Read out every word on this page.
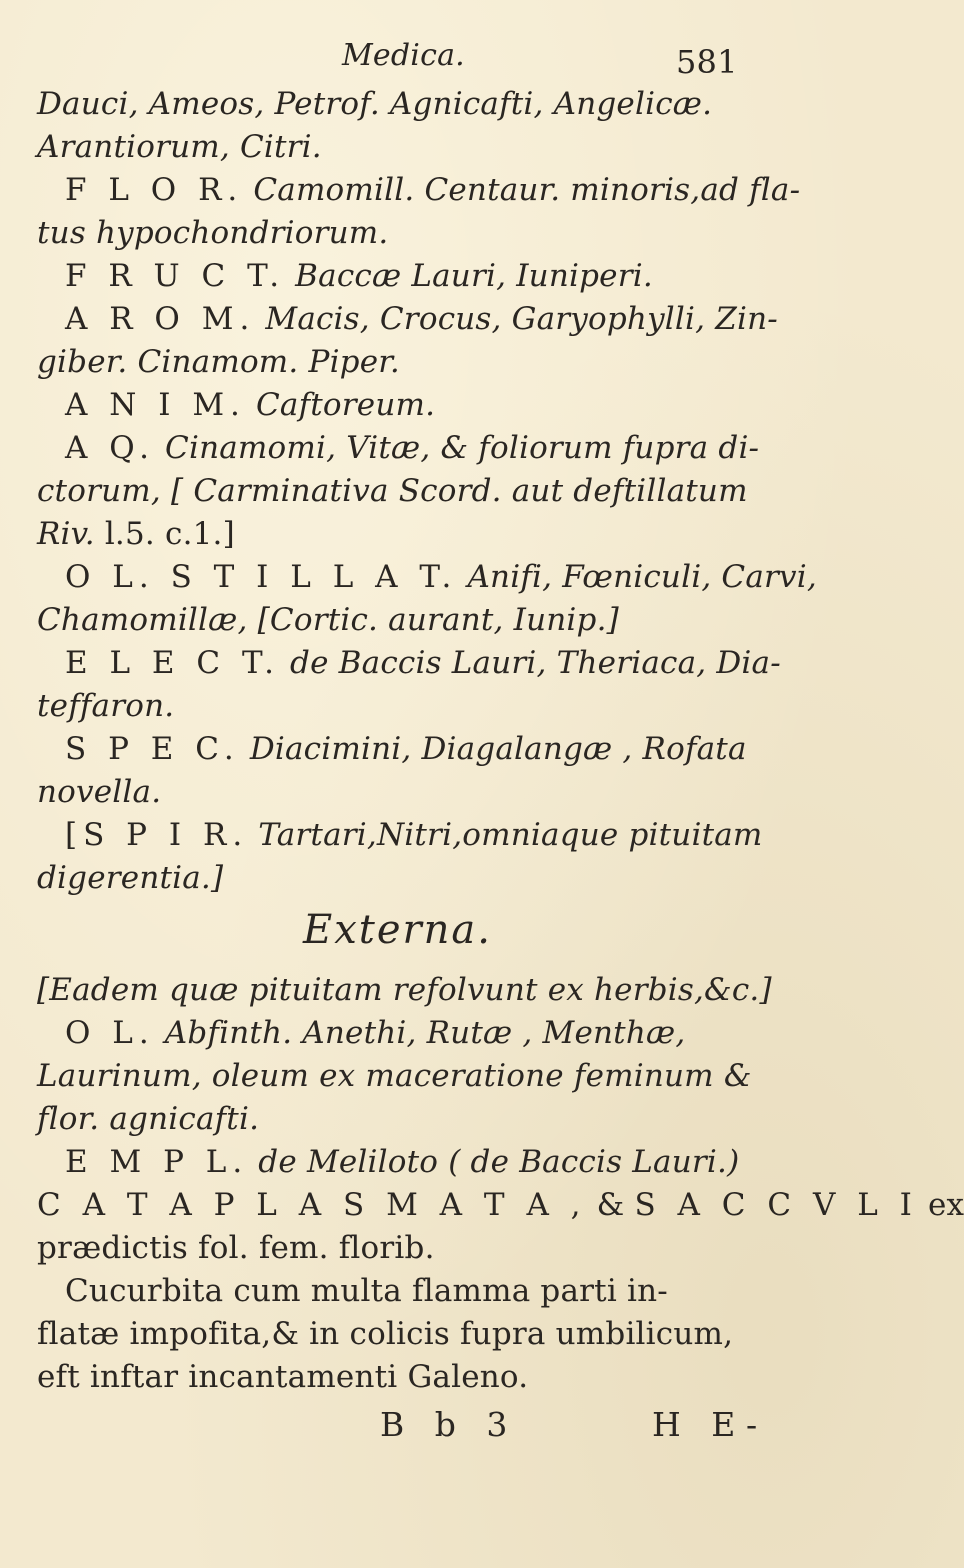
Medica.	581
Dauci, Ameos, Petrof. Agnicafti, Angelicæ.
Arantiorum, Citri.
F L O R. Camomill. Centaur. minoris,ad fla-
tus hypochondriorum.
F R U C T. Baccæ Lauri, Iuniperi.
A R O M. Macis, Crocus, Garyophylli, Zin-
giber. Cinamom. Piper.
A N I M. Caftoreum.
A Q. Cinamomi, Vitæ, & foliorum fupra di-
ctorum, [ Carminativa Scord. aut deftillatum
Riv. l.5. c.1.]
O L. S T I L L A T. Anifi, Fœniculi, Carvi,
Chamomillæ, [Cortic. aurant, Iunip.]
E L E C T. de Baccis Lauri, Theriaca, Dia-
teffaron.
S P E C. Diacimini, Diagalangæ , Rofata
novella.
[S P I R. Tartari,Nitri,omniaque pituitam
digerentia.]
Externa.
[Eadem quæ pituitam refolvunt ex herbis,&c.]
O L. Abfinth. Anethi, Rutæ , Menthæ,
Laurinum, oleum ex maceratione feminum &
flor. agnicafti.
E M P L. de Meliloto ( de Baccis Lauri.)
C A T A P L A S M A T A , & S A C C V L I ex
prædictis fol. fem. florib.
Cucurbita cum multa flamma parti in-
flatæ impofita,& in colicis fupra umbilicum,
eft inftar incantamenti Galeno.
B b 3	H E-
